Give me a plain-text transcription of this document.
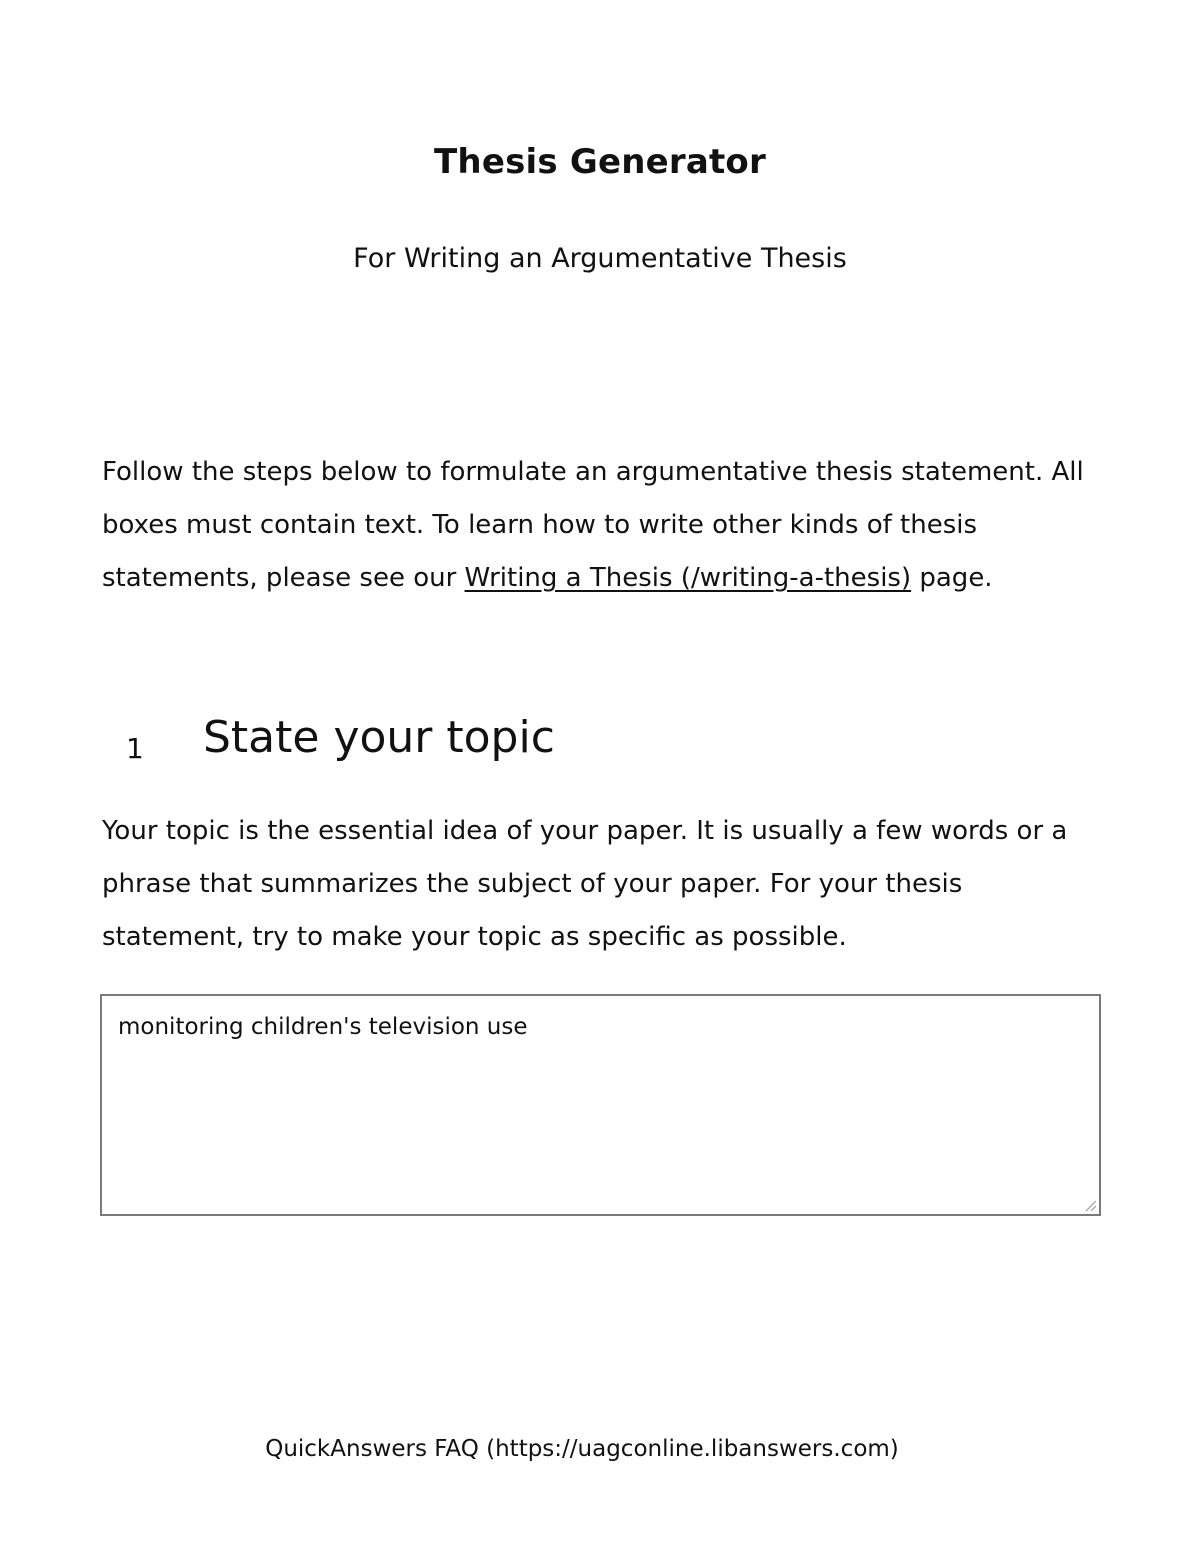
Thesis Generator
For Writing an Argumentative Thesis

Follow the steps below to formulate an argumentative thesis statement. All boxes must contain text. To learn how to write other kinds of thesis statements, please see our Writing a Thesis (/writing-a-thesis) page.

1 State your topic

Your topic is the essential idea of your paper. It is usually a few words or a phrase that summarizes the subject of your paper. For your thesis statement, try to make your topic as specific as possible.

monitoring children's television use
QuickAnswers FAQ (https://uagconline.libanswers.com)
